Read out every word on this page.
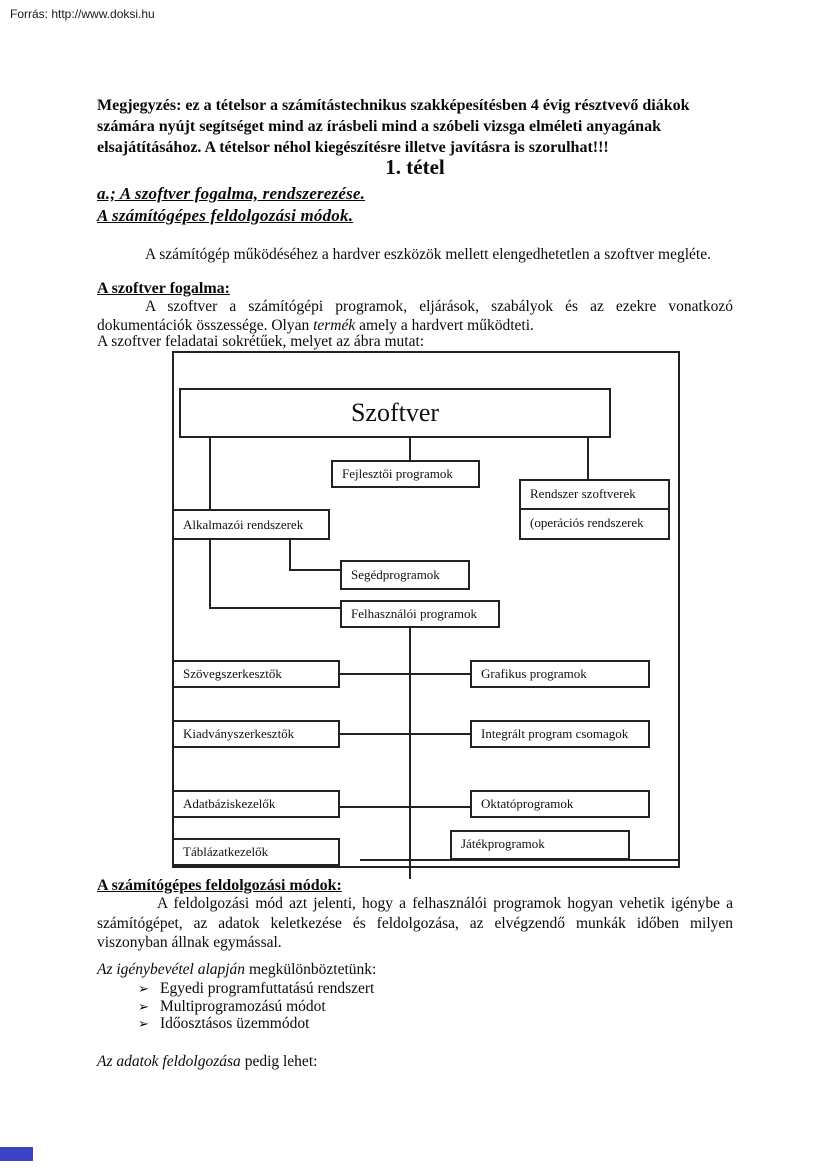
Forrás: http://www.doksi.hu
Megjegyzés: ez a tételsor a számítástechnikus szakképesítésben 4 évig résztvevő diákok számára nyújt segítséget mind az írásbeli mind a szóbeli vizsga elméleti anyagának elsajátításához. A tételsor néhol kiegészítésre illetve javításra is szorulhat!!!
1. tétel
a.; A szoftver fogalma, rendszerezése.
A számítógépes feldolgozási módok.
A számítógép működéséhez a hardver eszközök mellett elengedhetetlen a szoftver megléte.
A szoftver fogalma:
A szoftver a számítógépi programok, eljárások, szabályok és az ezekre vonatkozó dokumentációk összessége. Olyan termék amely a hardvert működteti.
A szoftver feladatai sokrétűek, melyet az ábra mutat:
Szoftver
Fejlesztői programok
Rendszer szoftverek
(operációs rendszerek
Alkalmazói rendszerek
Segédprogramok
Felhasználói programok
Szövegszerkesztők	Grafikus programok
Kiadványszerkesztők	Integrált program csomagok
Adatbáziskezelők	Oktatóprogramok
Táblázatkezelők
Játékprogramok
A számítógépes feldolgozási módok:
A feldolgozási mód azt jelenti, hogy a felhasználói programok hogyan vehetik igénybe a számítógépet, az adatok keletkezése és feldolgozása, az elvégzendő munkák időben milyen viszonyban állnak egymással.
Az igénybevétel alapján megkülönböztetünk:
➢ Egyedi programfuttatású rendszert
➢ Multiprogramozású módot
➢ Időosztásos üzemmódot
Az adatok feldolgozása pedig lehet:
